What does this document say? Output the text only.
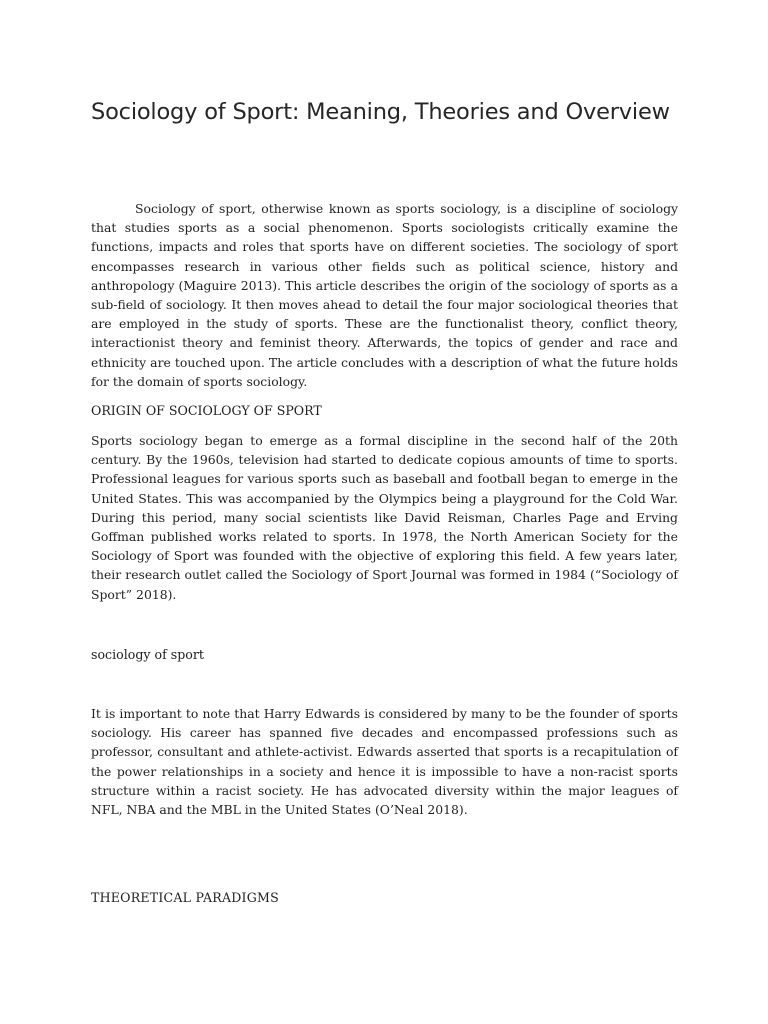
Sociology of Sport: Meaning, Theories and Overview

Sociology of sport, otherwise known as sports sociology, is a discipline of sociology that studies sports as a social phenomenon. Sports sociologists critically examine the functions, impacts and roles that sports have on different societies. The sociology of sport encompasses research in various other fields such as political science, history and anthropology (Maguire 2013). This article describes the origin of the sociology of sports as a sub-field of sociology. It then moves ahead to detail the four major sociological theories that are employed in the study of sports. These are the functionalist theory, conflict theory, interactionist theory and feminist theory. Afterwards, the topics of gender and race and ethnicity are touched upon. The article concludes with a description of what the future holds for the domain of sports sociology.

ORIGIN OF SOCIOLOGY OF SPORT

Sports sociology began to emerge as a formal discipline in the second half of the 20th century. By the 1960s, television had started to dedicate copious amounts of time to sports. Professional leagues for various sports such as baseball and football began to emerge in the United States. This was accompanied by the Olympics being a playground for the Cold War. During this period, many social scientists like David Reisman, Charles Page and Erving Goffman published works related to sports. In 1978, the North American Society for the Sociology of Sport was founded with the objective of exploring this field. A few years later, their research outlet called the Sociology of Sport Journal was formed in 1984 (“Sociology of Sport” 2018).

sociology of sport

It is important to note that Harry Edwards is considered by many to be the founder of sports sociology. His career has spanned five decades and encompassed professions such as professor, consultant and athlete-activist. Edwards asserted that sports is a recapitulation of the power relationships in a society and hence it is impossible to have a non-racist sports structure within a racist society. He has advocated diversity within the major leagues of NFL, NBA and the MBL in the United States (O’Neal 2018).

THEORETICAL PARADIGMS
